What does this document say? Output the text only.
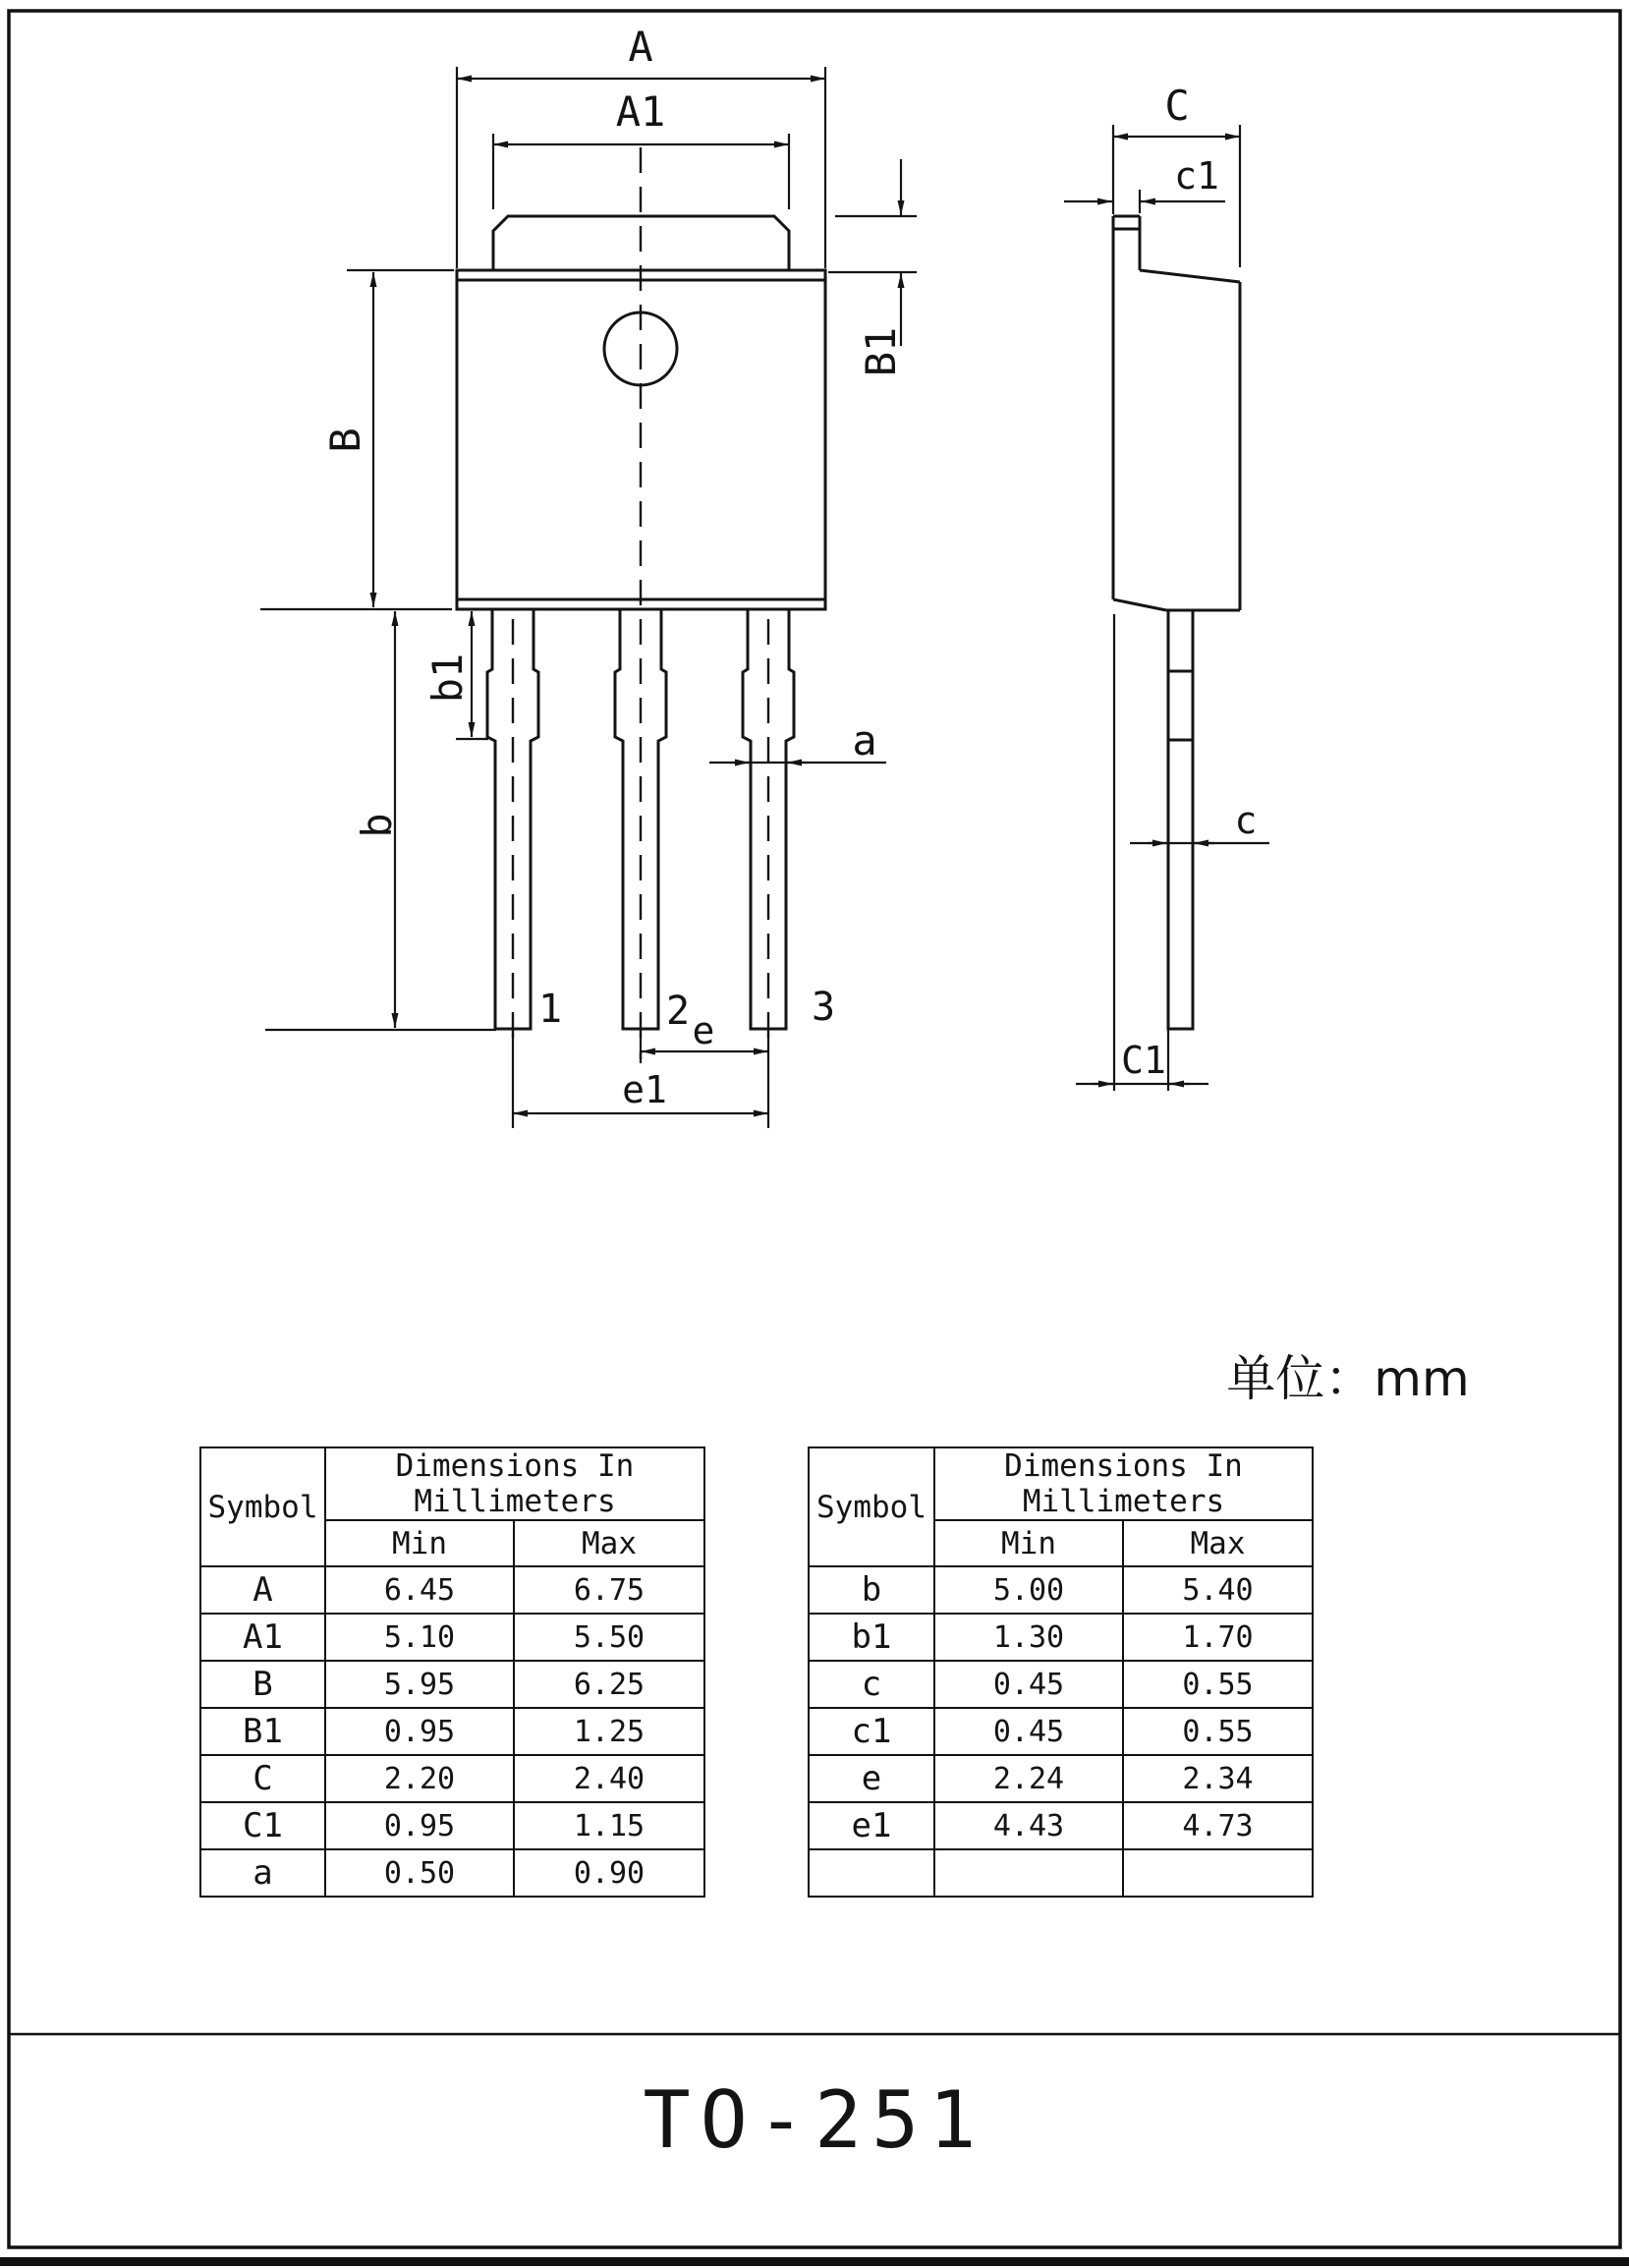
A
A1
B
B1
b
b1
a
e
e1
1	2	3
C
c1
c
C1
单位：mm
TO-251
Symbol	Dimensions In Millimeters	
	Min	Max
A	6.45	6.75
A1	5.10	5.50
B	5.95	6.25
B1	0.95	1.25
C	2.20	2.40
C1	0.95	1.15
a	0.50	0.90
Symbol	Dimensions In Millimeters	
	Min	Max
b	5.00	5.40
b1	1.30	1.70
c	0.45	0.55
c1	0.45	0.55
e	2.24	2.34
e1	4.43	4.73
